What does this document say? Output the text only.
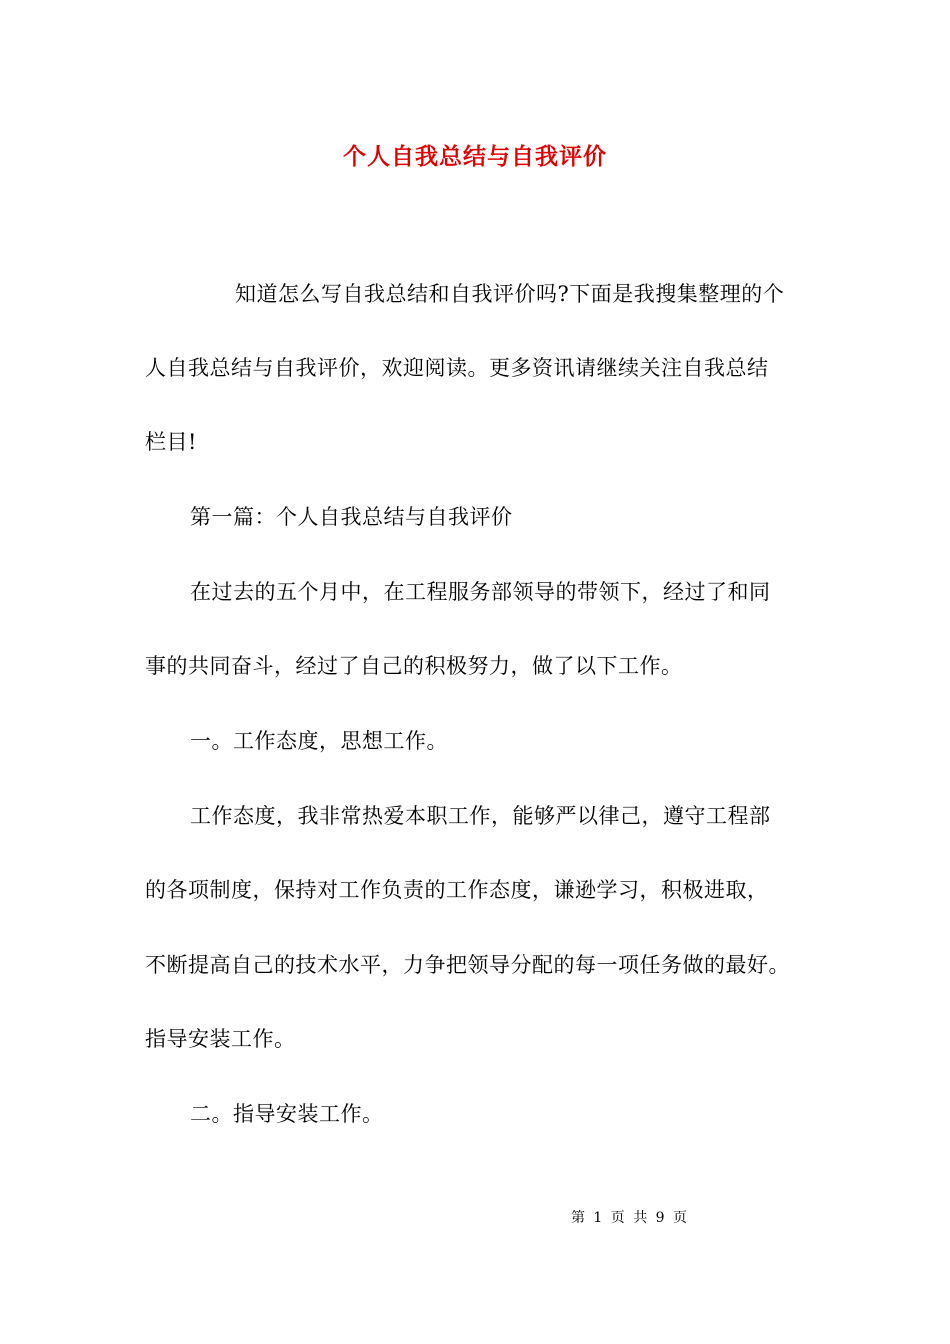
个人自我总结与自我评价
知道怎么写自我总结和自我评价吗?下面是我搜集整理的个
人自我总结与自我评价，欢迎阅读。更多资讯请继续关注自我总结
栏目!
第一篇：个人自我总结与自我评价
在过去的五个月中，在工程服务部领导的带领下，经过了和同
事的共同奋斗，经过了自己的积极努力，做了以下工作。
一。工作态度，思想工作。
工作态度，我非常热爱本职工作，能够严以律己，遵守工程部
的各项制度，保持对工作负责的工作态度，谦逊学习，积极进取，
不断提高自己的技术水平，力争把领导分配的每一项任务做的最好。
指导安装工作。
二。指导安装工作。
第 1 页 共 9 页
